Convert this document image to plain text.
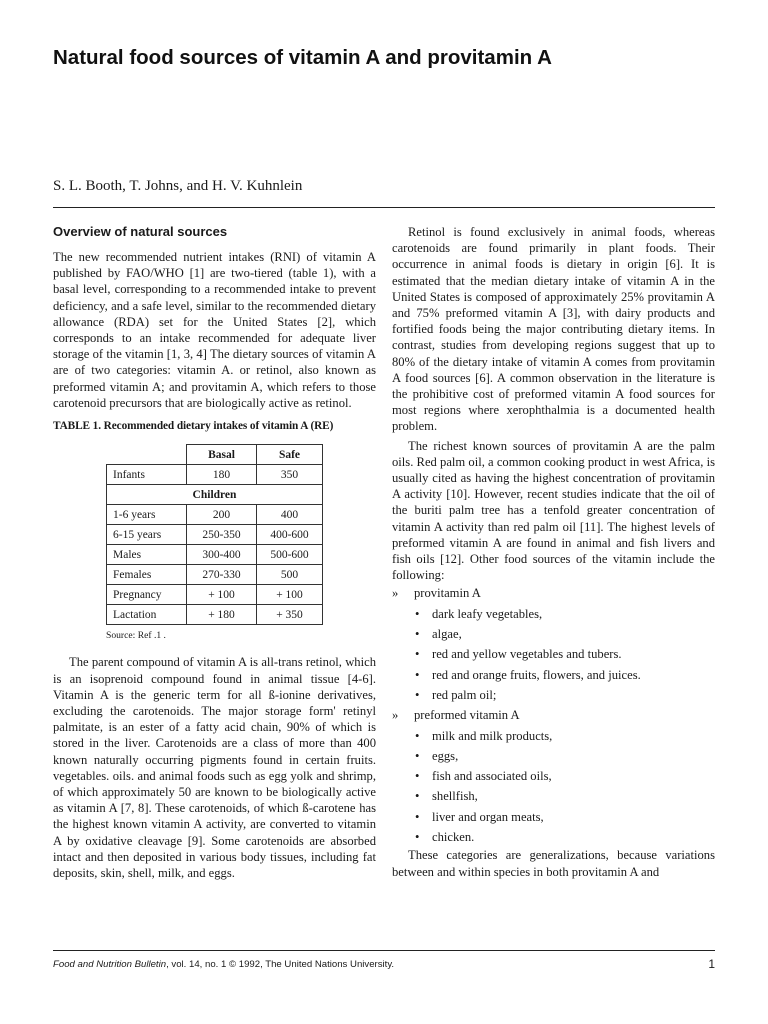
Natural food sources of vitamin A and provitamin A

S. L. Booth, T. Johns, and H. V. Kuhnlein

Overview of natural sources

The new recommended nutrient intakes (RNI) of vitamin A published by FAO/WHO [1] are two-tiered (table 1), with a basal level, corresponding to a recommended intake to prevent deficiency, and a safe level, similar to the recommended dietary allowance (RDA) set for the United States [2], which corresponds to an intake recommended for adequate liver storage of the vitamin [1, 3, 4] The dietary sources of vitamin A are of two categories: vitamin A. or retinol, also known as preformed vitamin A; and provitamin A, which refers to those carotenoid precursors that are biologically active as retinol.

TABLE 1. Recommended dietary intakes of vitamin A (RE)
	Basal	Safe
Infants	180	350
Children		
1-6 years	200	400
6-15 years	250-350	400-600
Males	300-400	500-600
Females	270-330	500
Pregnancy	+ 100	+ 100
Lactation	+ 180	+ 350
Source: Ref .1 .

The parent compound of vitamin A is all-trans retinol, which is an isoprenoid compound found in animal tissue [4-6]. Vitamin A is the generic term for all ß-ionine derivatives, excluding the carotenoids. The major storage form' retinyl palmitate, is an ester of a fatty acid chain, 90% of which is stored in the liver. Carotenoids are a class of more than 400 known naturally occurring pigments found in certain fruits. vegetables. oils. and animal foods such as egg yolk and shrimp, of which approximately 50 are known to be biologically active as vitamin A [7, 8]. These carotenoids, of which ß-carotene has the highest known vitamin A activity, are converted to vitamin A by oxidative cleavage [9]. Some carotenoids are absorbed intact and then deposited in various body tissues, including fat deposits, skin, shell, milk, and eggs.

Retinol is found exclusively in animal foods, whereas carotenoids are found primarily in plant foods. Their occurrence in animal foods is dietary in origin [6]. It is estimated that the median dietary intake of vitamin A in the United States is composed of approximately 25% provitamin A and 75% preformed vitamin A [3], with dairy products and fortified foods being the major contributing dietary items. In contrast, studies from developing regions suggest that up to 80% of the dietary intake of vitamin A comes from provitamin A food sources [6]. A common observation in the literature is the prohibitive cost of preformed vitamin A food sources for most regions where xerophthalmia is a documented health problem.

The richest known sources of provitamin A are the palm oils. Red palm oil, a common cooking product in west Africa, is usually cited as having the highest concentration of provitamin A activity [10]. However, recent studies indicate that the oil of the buriti palm tree has a tenfold greater concentration of vitamin A activity than red palm oil [11]. The highest levels of preformed vitamin A are found in animal and fish livers and fish oils [12]. Other food sources of the vitamin include the following:

» provitamin A
• dark leafy vegetables,
• algae,
• red and yellow vegetables and tubers.
• red and orange fruits, flowers, and juices.
• red palm oil;
» preformed vitamin A
• milk and milk products,
• eggs,
• fish and associated oils,
• shellfish,
• liver and organ meats,
• chicken.

These categories are generalizations, because variations between and within species in both provitamin A and

Food and Nutrition Bulletin, vol. 14, no. 1 © 1992, The United Nations University.	1
